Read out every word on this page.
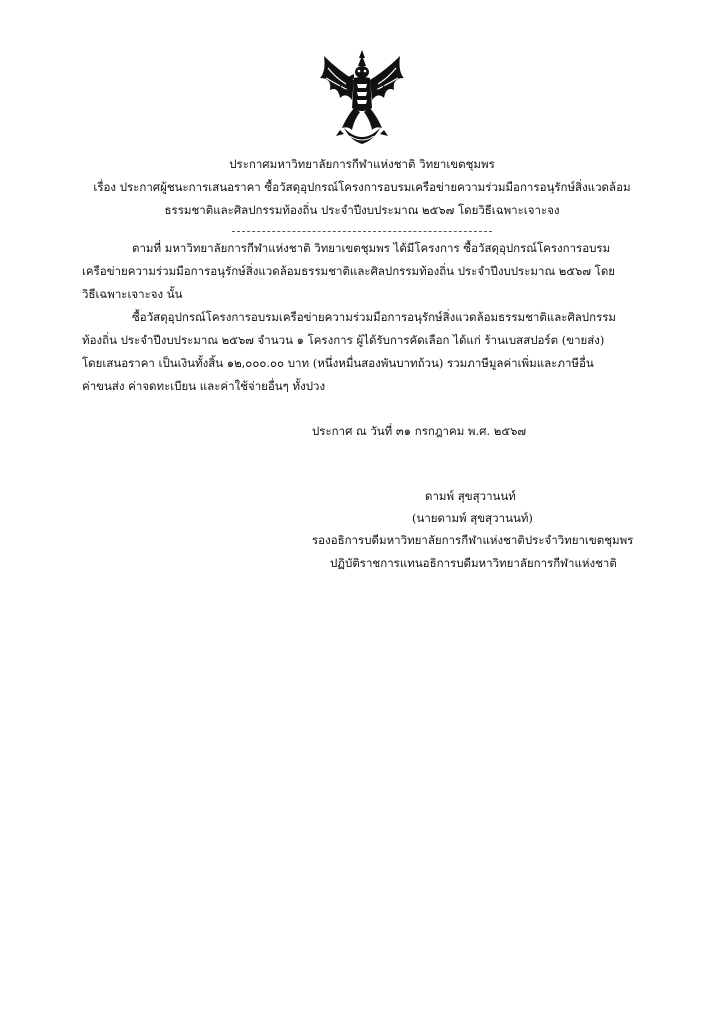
ประกาศมหาวิทยาลัยการกีฬาแห่งชาติ วิทยาเขตชุมพร
เรื่อง ประกาศผู้ชนะการเสนอราคา ซื้อวัสดุอุปกรณ์โครงการอบรมเครือข่ายความร่วมมือการอนุรักษ์สิ่งแวดล้อม
ธรรมชาติและศิลปกรรมท้องถิ่น ประจำปีงบประมาณ ๒๕๖๗ โดยวิธีเฉพาะเจาะจง
ตามที่ มหาวิทยาลัยการกีฬาแห่งชาติ วิทยาเขตชุมพร ได้มีโครงการ ซื้อวัสดุอุปกรณ์โครงการอบรม
เครือข่ายความร่วมมือการอนุรักษ์สิ่งแวดล้อมธรรมชาติและศิลปกรรมท้องถิ่น ประจำปีงบประมาณ ๒๕๖๗ โดย
วิธีเฉพาะเจาะจง นั้น
ซื้อวัสดุอุปกรณ์โครงการอบรมเครือข่ายความร่วมมือการอนุรักษ์สิ่งแวดล้อมธรรมชาติและศิลปกรรม
ท้องถิ่น ประจำปีงบประมาณ ๒๕๖๗ จำนวน ๑ โครงการ ผู้ได้รับการคัดเลือก ได้แก่ ร้านเบสสปอร์ต (ขายส่ง)
โดยเสนอราคา เป็นเงินทั้งสิ้น ๑๒,๐๐๐.๐๐ บาท (หนึ่งหมื่นสองพันบาทถ้วน) รวมภาษีมูลค่าเพิ่มและภาษีอื่น
ค่าขนส่ง ค่าจดทะเบียน และค่าใช้จ่ายอื่นๆ ทั้งปวง
ประกาศ ณ วันที่ ๓๑ กรกฎาคม พ.ศ. ๒๕๖๗
ดามพ์ สุขสุวานนท์
(นายดามพ์ สุขสุวานนท์)
รองอธิการบดีมหาวิทยาลัยการกีฬาแห่งชาติประจำวิทยาเขตชุมพร
ปฏิบัติราชการแทนอธิการบดีมหาวิทยาลัยการกีฬาแห่งชาติ
